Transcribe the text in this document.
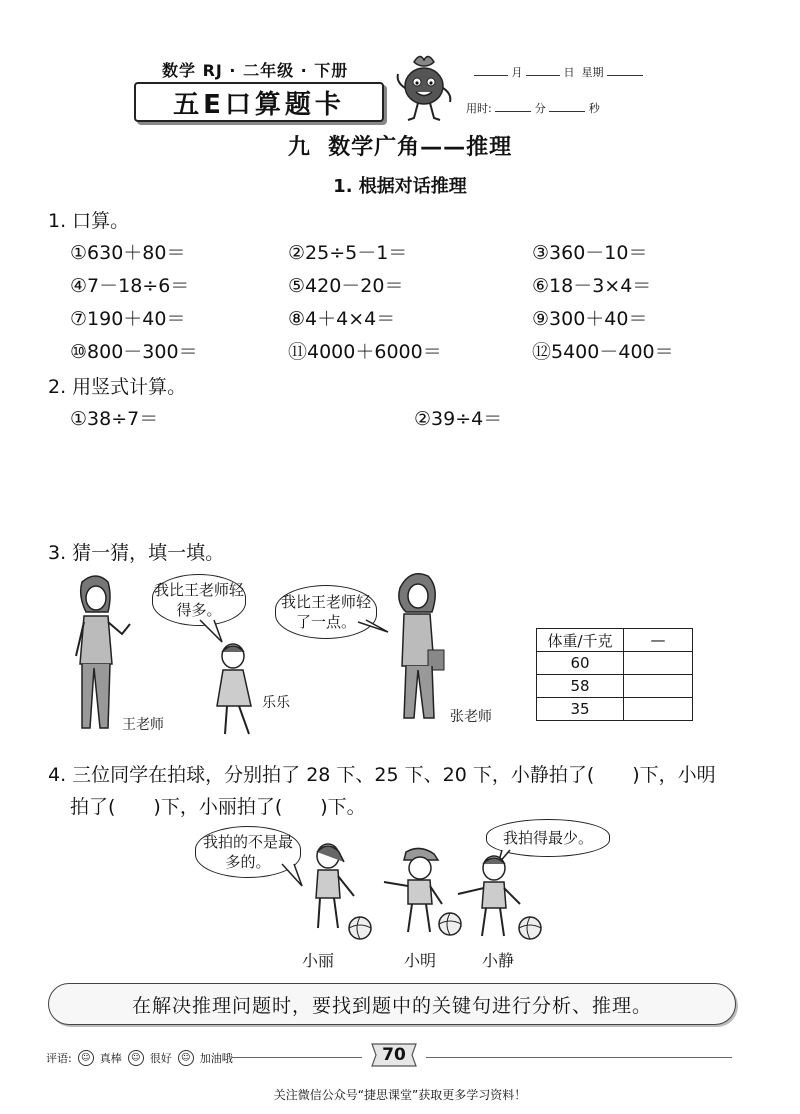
数学 RJ · 二年级 · 下册
五E口算题卡
月	日 星期
用时:	分	秒
九  数学广角——推理
1. 根据对话推理
1. 口算。
①630＋80＝	②25÷5－1＝	③360－10＝
④7－18÷6＝	⑤420－20＝	⑥18－3×4＝
⑦190＋40＝	⑧4＋4×4＝	⑨300＋40＝
⑩800－300＝	⑪4000＋6000＝	⑫5400－400＝
2. 用竖式计算。
①38÷7＝	②39÷4＝
3. 猜一猜，填一填。
王老师
我比王老师轻得多。
乐乐
我比王老师轻了一点。
张老师
体重/千克	—
60	
58	
35	
4. 三位同学在拍球，分别拍了 28 下、25 下、20 下，小静拍了(　　)下，小明
拍了(　　)下，小丽拍了(　　)下。
我拍的不是最多的。
我拍得最少。
小丽	小明	小静
在解决推理问题时，要找到题中的关键句进行分析、推理。
评语:	☺ 真棒	☺ 很好	☺ 加油哦	70
关注微信公众号“捷思课堂”获取更多学习资料！
